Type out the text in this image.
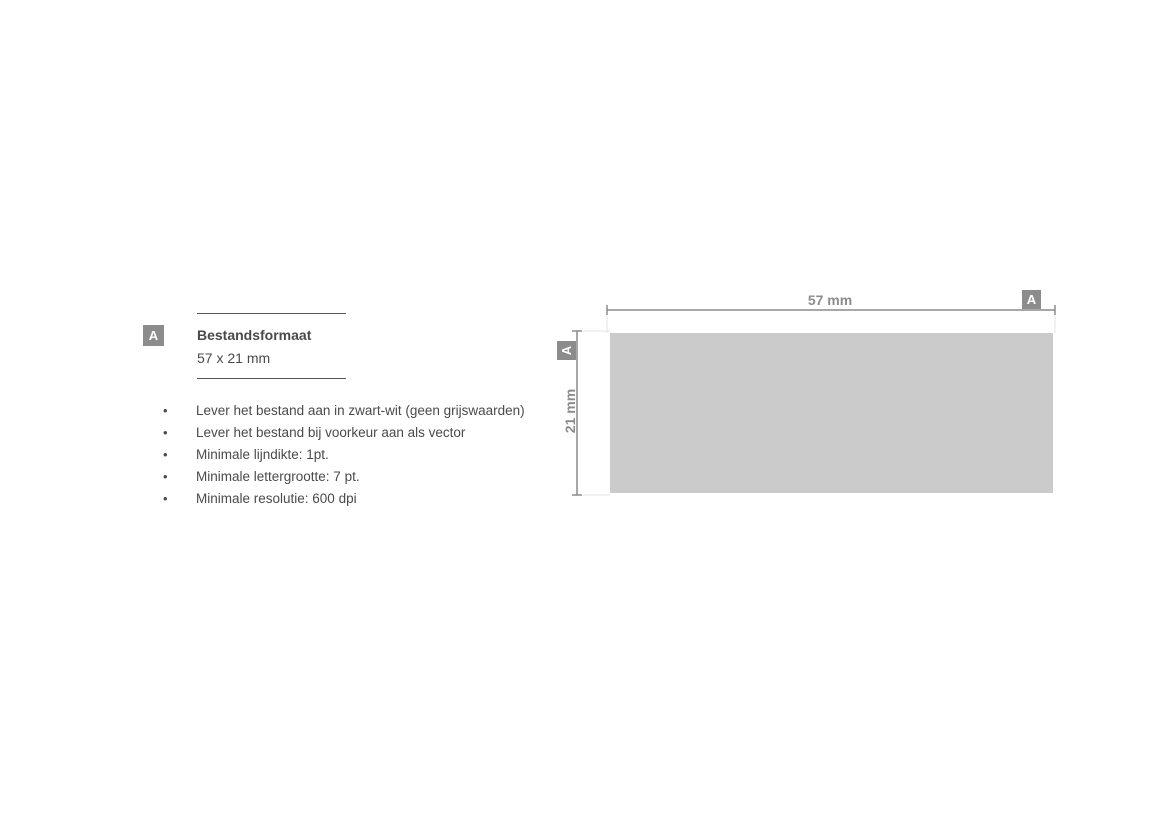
A	Bestandsformaat
57 x 21 mm
• Lever het bestand aan in zwart-wit (geen grijswaarden)
• Lever het bestand bij voorkeur aan als vector
• Minimale lijndikte: 1pt.
• Minimale lettergrootte: 7 pt.
• Minimale resolutie: 600 dpi
57 mm
21 mm
A
A
